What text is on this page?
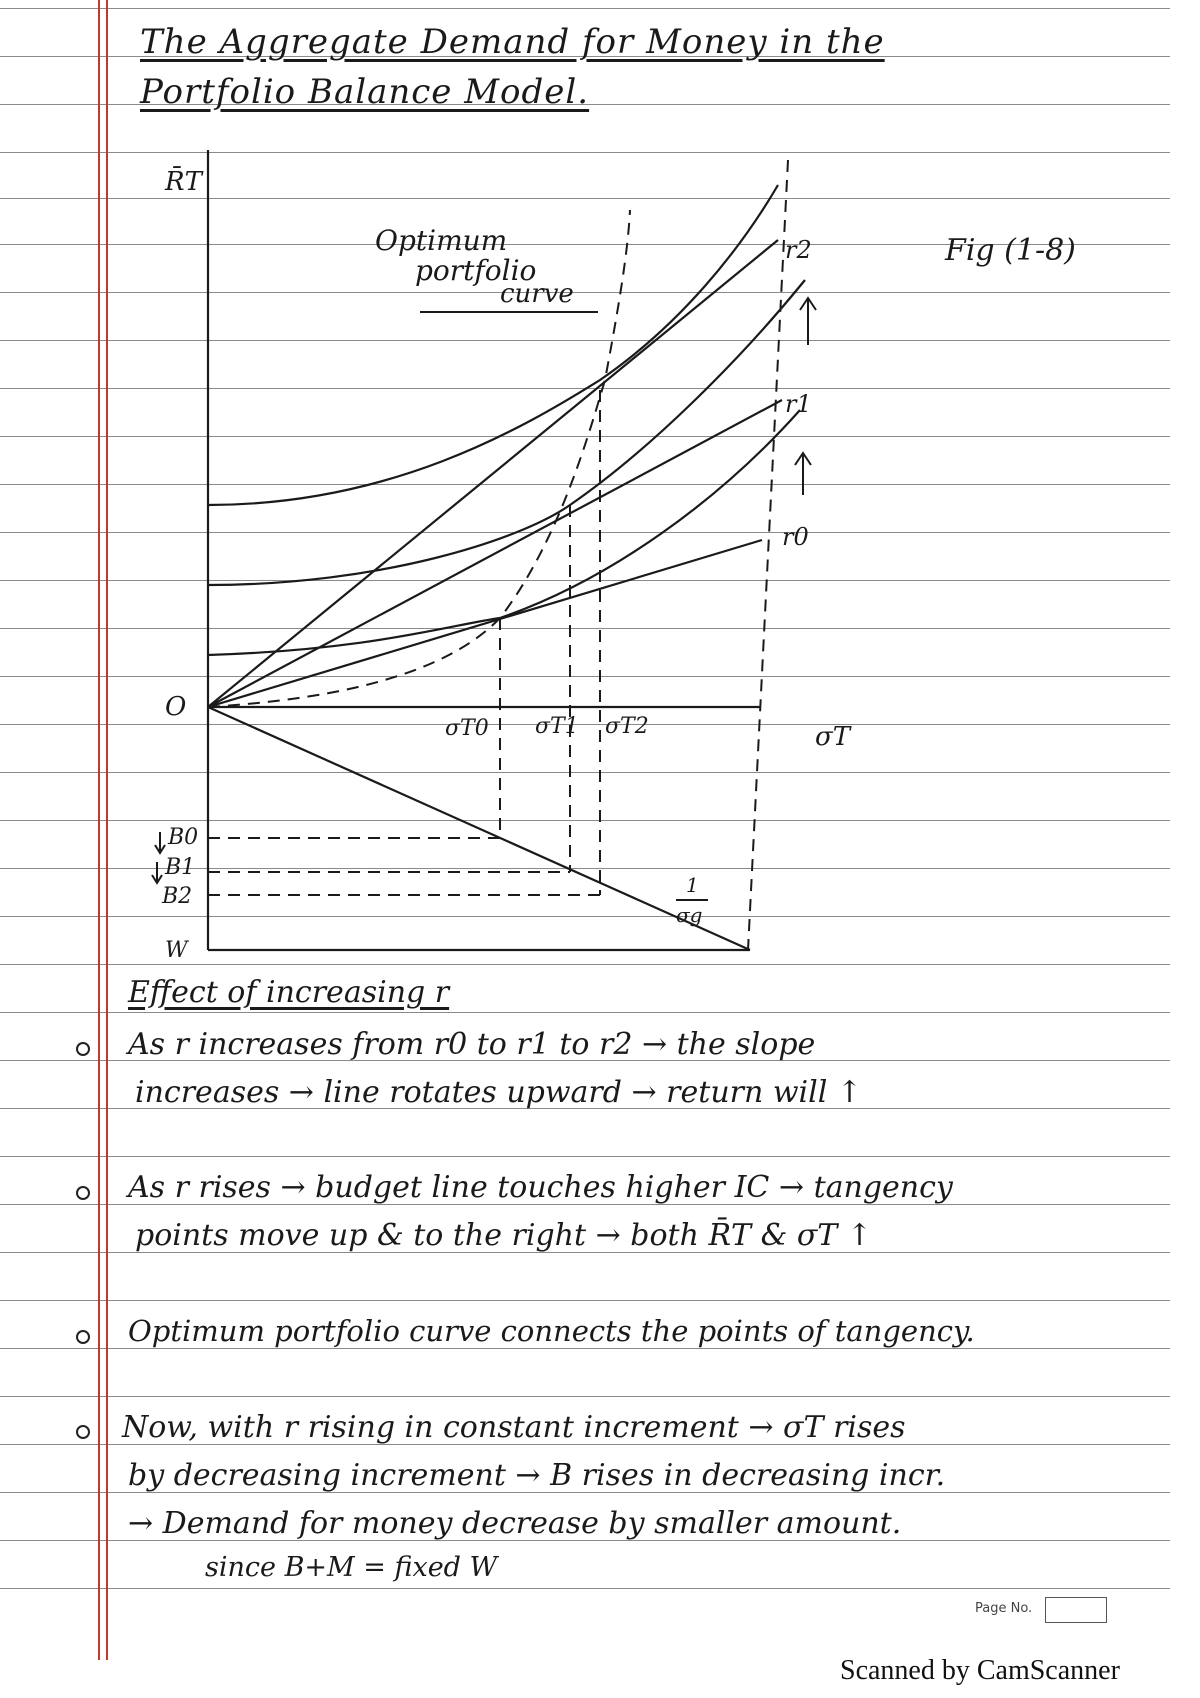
The Aggregate Demand for Money in the
Portfolio Balance Model.
R̄T
O
σT
Optimum
portfolio
curve
Fig (1-8)
r2
r1
r0
σT0 σT1 σT2
B0
B1
B2
W
1
σg
Effect of increasing r
As r increases from r0 to r1 to r2 → the slope
increases → line rotates upward → return will ↑
As r rises → budget line touches higher IC → tangency
points move up & to the right → both R̄T & σT ↑
Optimum portfolio curve connects the points of tangency.
Now, with r rising in constant increment → σT rises
by decreasing increment → B rises in decreasing incr.
→ Demand for money decrease by smaller amount.
since B+M = fixed W
Page No.
Scanned by CamScanner
